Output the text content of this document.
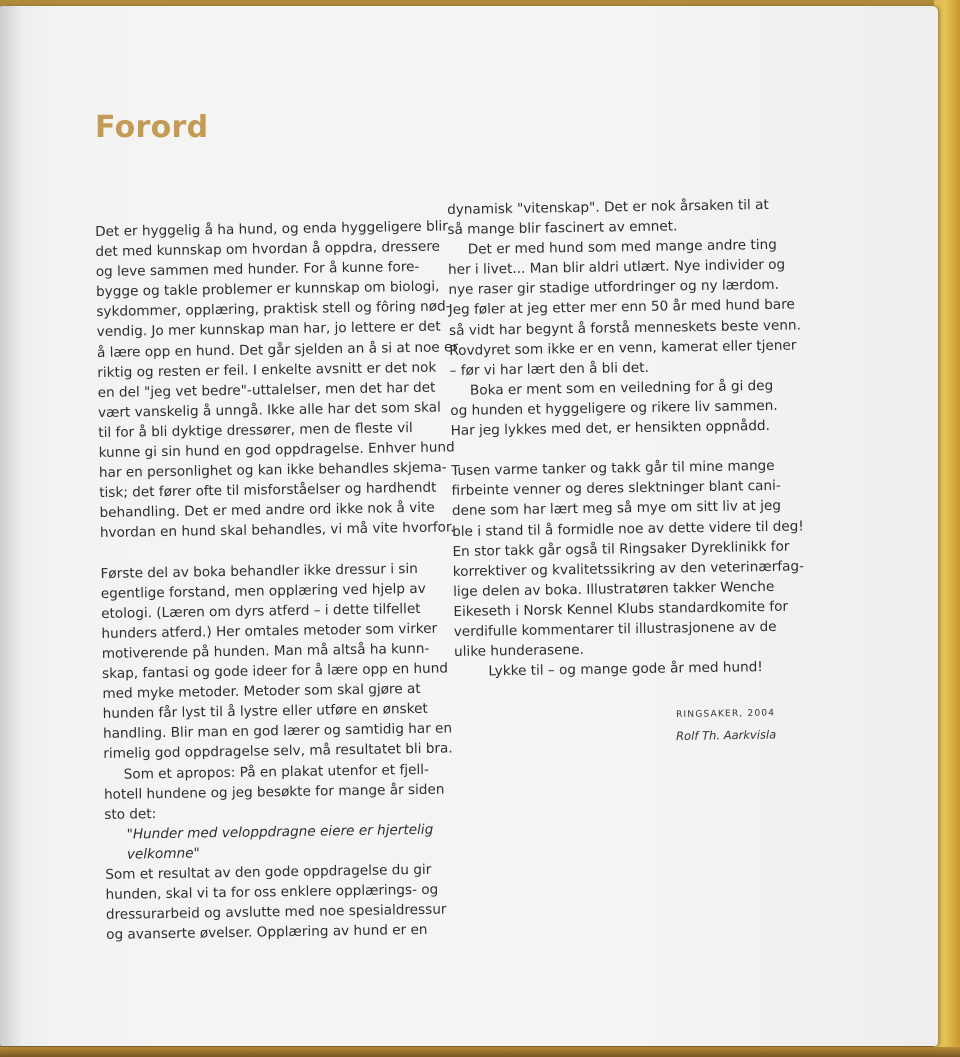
Forord
Det er hyggelig å ha hund, og enda hyggeligere blir
det med kunnskap om hvordan å oppdra, dressere
og leve sammen med hunder. For å kunne fore-
bygge og takle problemer er kunnskap om biologi,
sykdommer, opplæring, praktisk stell og fôring nød-
vendig. Jo mer kunnskap man har, jo lettere er det
å lære opp en hund. Det går sjelden an å si at noe er
riktig og resten er feil. I enkelte avsnitt er det nok
en del "jeg vet bedre"-uttalelser, men det har det
vært vanskelig å unngå. Ikke alle har det som skal
til for å bli dyktige dressører, men de fleste vil
kunne gi sin hund en god oppdragelse. Enhver hund
har en personlighet og kan ikke behandles skjema-
tisk; det fører ofte til misforståelser og hardhendt
behandling. Det er med andre ord ikke nok å vite
hvordan en hund skal behandles, vi må vite hvorfor.
Første del av boka behandler ikke dressur i sin
egentlige forstand, men opplæring ved hjelp av
etologi. (Læren om dyrs atferd – i dette tilfellet
hunders atferd.) Her omtales metoder som virker
motiverende på hunden. Man må altså ha kunn-
skap, fantasi og gode ideer for å lære opp en hund
med myke metoder. Metoder som skal gjøre at
hunden får lyst til å lystre eller utføre en ønsket
handling. Blir man en god lærer og samtidig har en
rimelig god oppdragelse selv, må resultatet bli bra.
Som et apropos: På en plakat utenfor et fjell-
hotell hundene og jeg besøkte for mange år siden
sto det:
"Hunder med veloppdragne eiere er hjertelig
velkomne"
Som et resultat av den gode oppdragelse du gir
hunden, skal vi ta for oss enklere opplærings- og
dressurarbeid og avslutte med noe spesialdressur
og avanserte øvelser. Opplæring av hund er en
dynamisk "vitenskap". Det er nok årsaken til at
så mange blir fascinert av emnet.
Det er med hund som med mange andre ting
her i livet... Man blir aldri utlært. Nye individer og
nye raser gir stadige utfordringer og ny lærdom.
Jeg føler at jeg etter mer enn 50 år med hund bare
så vidt har begynt å forstå menneskets beste venn.
Rovdyret som ikke er en venn, kamerat eller tjener
– før vi har lært den å bli det.
Boka er ment som en veiledning for å gi deg
og hunden et hyggeligere og rikere liv sammen.
Har jeg lykkes med det, er hensikten oppnådd.
Tusen varme tanker og takk går til mine mange
firbeinte venner og deres slektninger blant cani-
dene som har lært meg så mye om sitt liv at jeg
ble i stand til å formidle noe av dette videre til deg!
En stor takk går også til Ringsaker Dyreklinikk for
korrektiver og kvalitetssikring av den veterinærfag-
lige delen av boka. Illustratøren takker Wenche
Eikeseth i Norsk Kennel Klubs standardkomite for
verdifulle kommentarer til illustrasjonene av de
ulike hunderasene.
Lykke til – og mange gode år med hund!
RINGSAKER, 2004
Rolf Th. Aarkvisla
